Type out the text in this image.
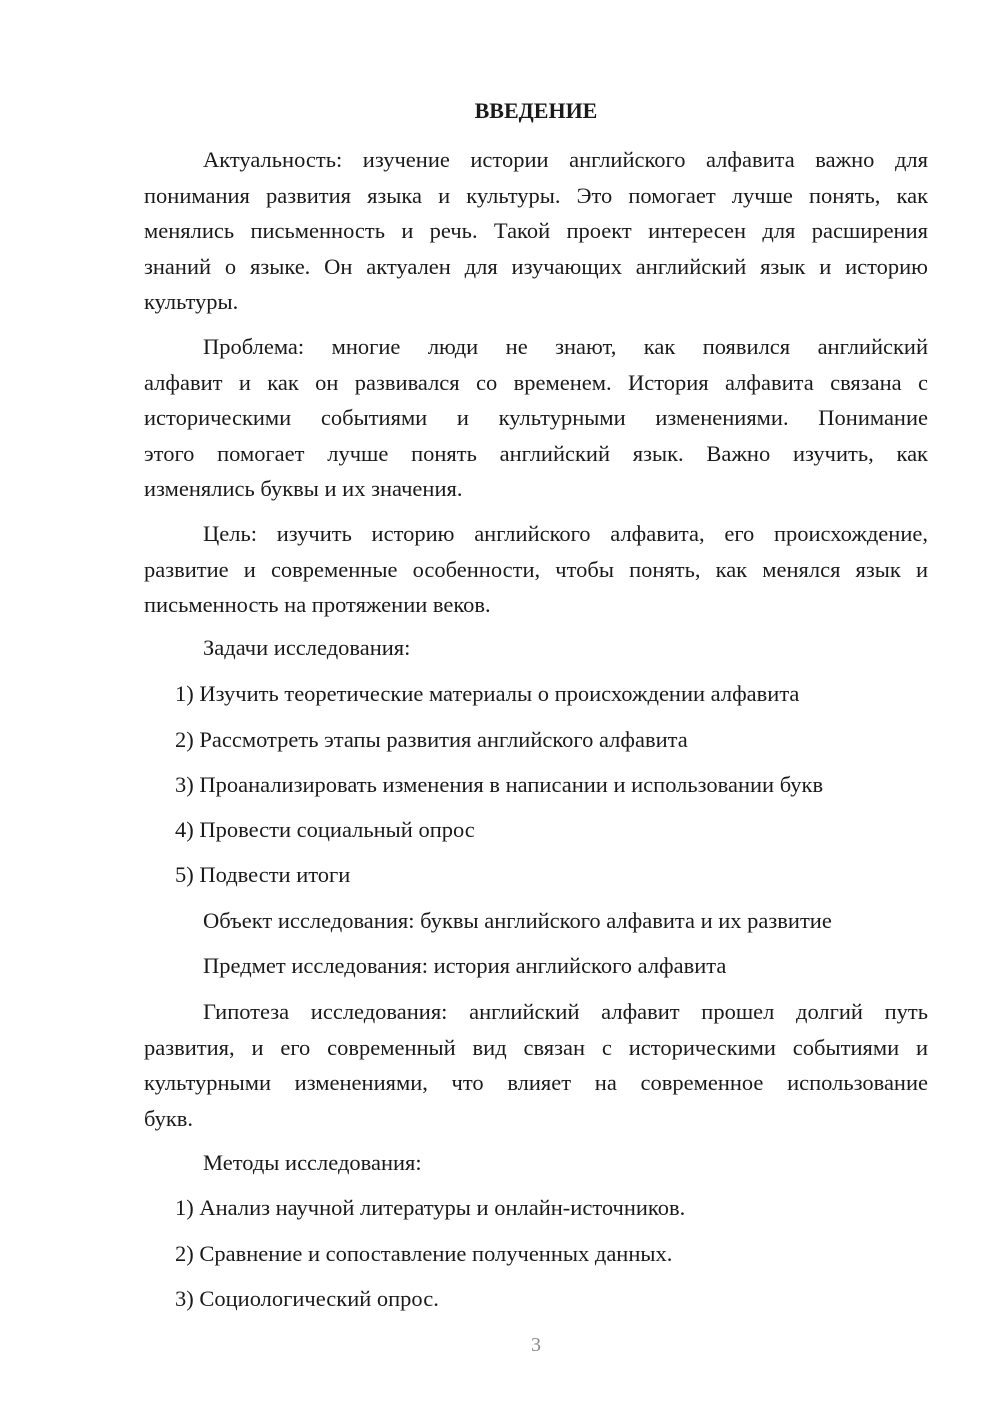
ВВЕДЕНИЕ
Актуальность: изучение истории английского алфавита важно для
понимания развития языка и культуры. Это помогает лучше понять, как
менялись письменность и речь. Такой проект интересен для расширения
знаний о языке. Он актуален для изучающих английский язык и историю
культуры.
Проблема: многие люди не знают, как появился английский
алфавит и как он развивался со временем. История алфавита связана с
историческими событиями и культурными изменениями. Понимание
этого помогает лучше понять английский язык. Важно изучить, как
изменялись буквы и их значения.
Цель: изучить историю английского алфавита, его происхождение,
развитие и современные особенности, чтобы понять, как менялся язык и
письменность на протяжении веков.
Задачи исследования:
1) Изучить теоретические материалы о происхождении алфавита
2) Рассмотреть этапы развития английского алфавита
3) Проанализировать изменения в написании и использовании букв
4) Провести социальный опрос
5) Подвести итоги
Объект исследования: буквы английского алфавита и их развитие
Предмет исследования: история английского алфавита
Гипотеза исследования: английский алфавит прошел долгий путь
развития, и его современный вид связан с историческими событиями и
культурными изменениями, что влияет на современное использование
букв.
Методы исследования:
1) Анализ научной литературы и онлайн-источников.
2) Сравнение и сопоставление полученных данных.
3) Социологический опрос.
3
